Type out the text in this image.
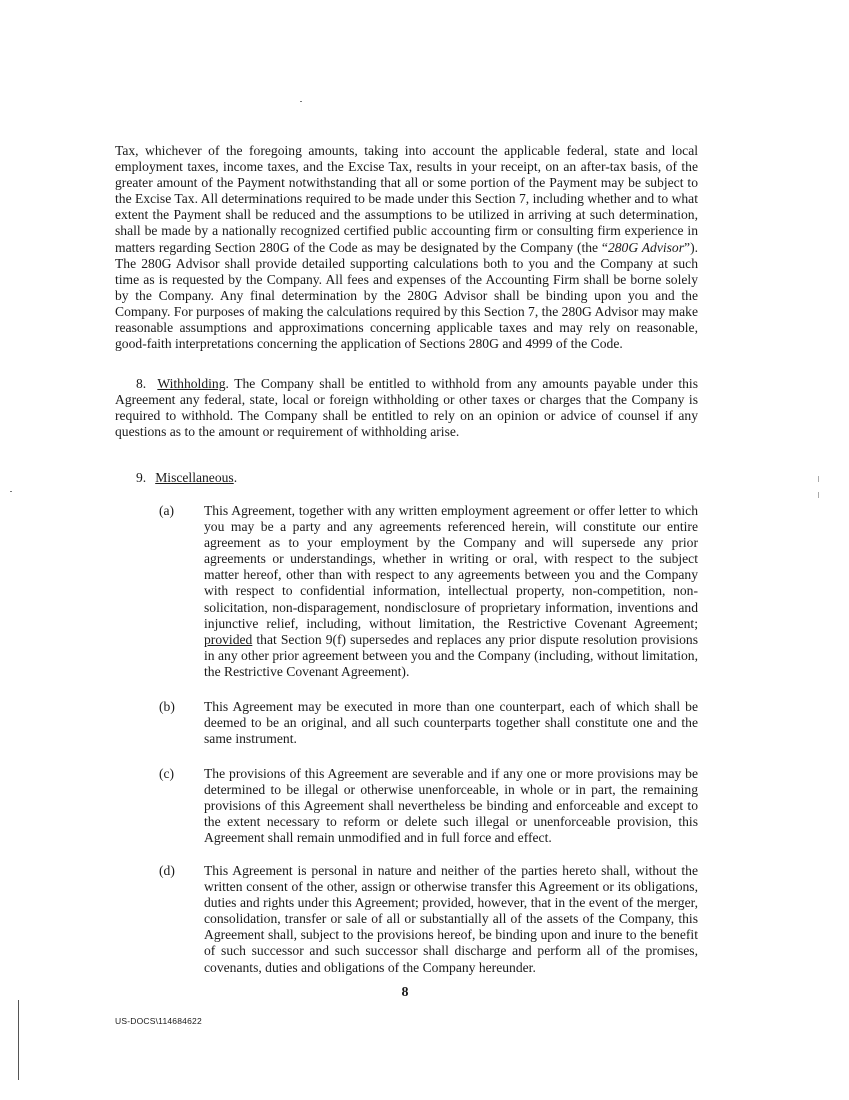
Tax, whichever of the foregoing amounts, taking into account the applicable federal, state and local employment taxes, income taxes, and the Excise Tax, results in your receipt, on an after-tax basis, of the greater amount of the Payment notwithstanding that all or some portion of the Payment may be subject to the Excise Tax. All determinations required to be made under this Section 7, including whether and to what extent the Payment shall be reduced and the assumptions to be utilized in arriving at such determination, shall be made by a nationally recognized certified public accounting firm or consulting firm experience in matters regarding Section 280G of the Code as may be designated by the Company (the “280G Advisor”). The 280G Advisor shall provide detailed supporting calculations both to you and the Company at such time as is requested by the Company. All fees and expenses of the Accounting Firm shall be borne solely by the Company. Any final determination by the 280G Advisor shall be binding upon you and the Company. For purposes of making the calculations required by this Section 7, the 280G Advisor may make reasonable assumptions and approximations concerning applicable taxes and may rely on reasonable, good-faith interpretations concerning the application of Sections 280G and 4999 of the Code.

8. Withholding. The Company shall be entitled to withhold from any amounts payable under this Agreement any federal, state, local or foreign withholding or other taxes or charges that the Company is required to withhold. The Company shall be entitled to rely on an opinion or advice of counsel if any questions as to the amount or requirement of withholding arise.

9. Miscellaneous.
(a) This Agreement, together with any written employment agreement or offer letter to which you may be a party and any agreements referenced herein, will constitute our entire agreement as to your employment by the Company and will supersede any prior agreements or understandings, whether in writing or oral, with respect to the subject matter hereof, other than with respect to any agreements between you and the Company with respect to confidential information, intellectual property, non-competition, non-solicitation, non-disparagement, nondisclosure of proprietary information, inventions and injunctive relief, including, without limitation, the Restrictive Covenant Agreement; provided that Section 9(f) supersedes and replaces any prior dispute resolution provisions in any other prior agreement between you and the Company (including, without limitation, the Restrictive Covenant Agreement).

(b) This Agreement may be executed in more than one counterpart, each of which shall be deemed to be an original, and all such counterparts together shall constitute one and the same instrument.

(c) The provisions of this Agreement are severable and if any one or more provisions may be determined to be illegal or otherwise unenforceable, in whole or in part, the remaining provisions of this Agreement shall nevertheless be binding and enforceable and except to the extent necessary to reform or delete such illegal or unenforceable provision, this Agreement shall remain unmodified and in full force and effect.

(d) This Agreement is personal in nature and neither of the parties hereto shall, without the written consent of the other, assign or otherwise transfer this Agreement or its obligations, duties and rights under this Agreement; provided, however, that in the event of the merger, consolidation, transfer or sale of all or substantially all of the assets of the Company, this Agreement shall, subject to the provisions hereof, be binding upon and inure to the benefit of such successor and such successor shall discharge and perform all of the promises, covenants, duties and obligations of the Company hereunder.

8
US-DOCS\114684622
